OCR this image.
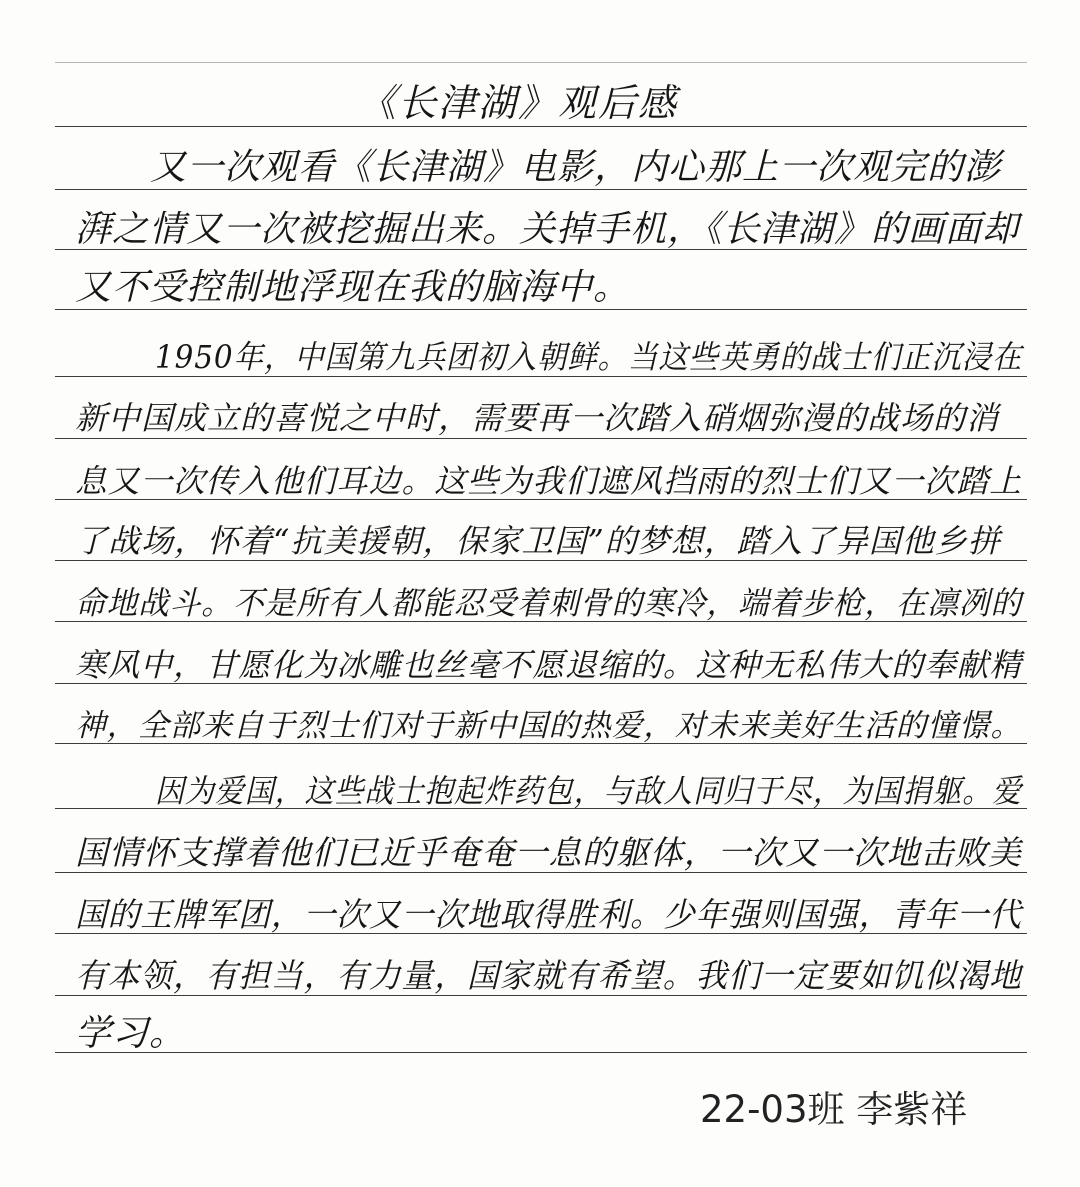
《长津湖》观后感
又一次观看《长津湖》电影，内心那上一次观完的澎
湃之情又一次被挖掘出来。关掉手机，《长津湖》的画面却
又不受控制地浮现在我的脑海中。
1950年，中国第九兵团初入朝鲜。当这些英勇的战士们正沉浸在
新中国成立的喜悦之中时，需要再一次踏入硝烟弥漫的战场的消
息又一次传入他们耳边。这些为我们遮风挡雨的烈士们又一次踏上
了战场，怀着“抗美援朝，保家卫国”的梦想，踏入了异国他乡拼
命地战斗。不是所有人都能忍受着刺骨的寒冷，端着步枪，在凛冽的
寒风中，甘愿化为冰雕也丝毫不愿退缩的。这种无私伟大的奉献精
神，全部来自于烈士们对于新中国的热爱，对未来美好生活的憧憬。
因为爱国，这些战士抱起炸药包，与敌人同归于尽，为国捐躯。爱
国情怀支撑着他们已近乎奄奄一息的躯体，一次又一次地击败美
国的王牌军团，一次又一次地取得胜利。少年强则国强，青年一代
有本领，有担当，有力量，国家就有希望。我们一定要如饥似渴地
学习。
22-03班 李紫祥
